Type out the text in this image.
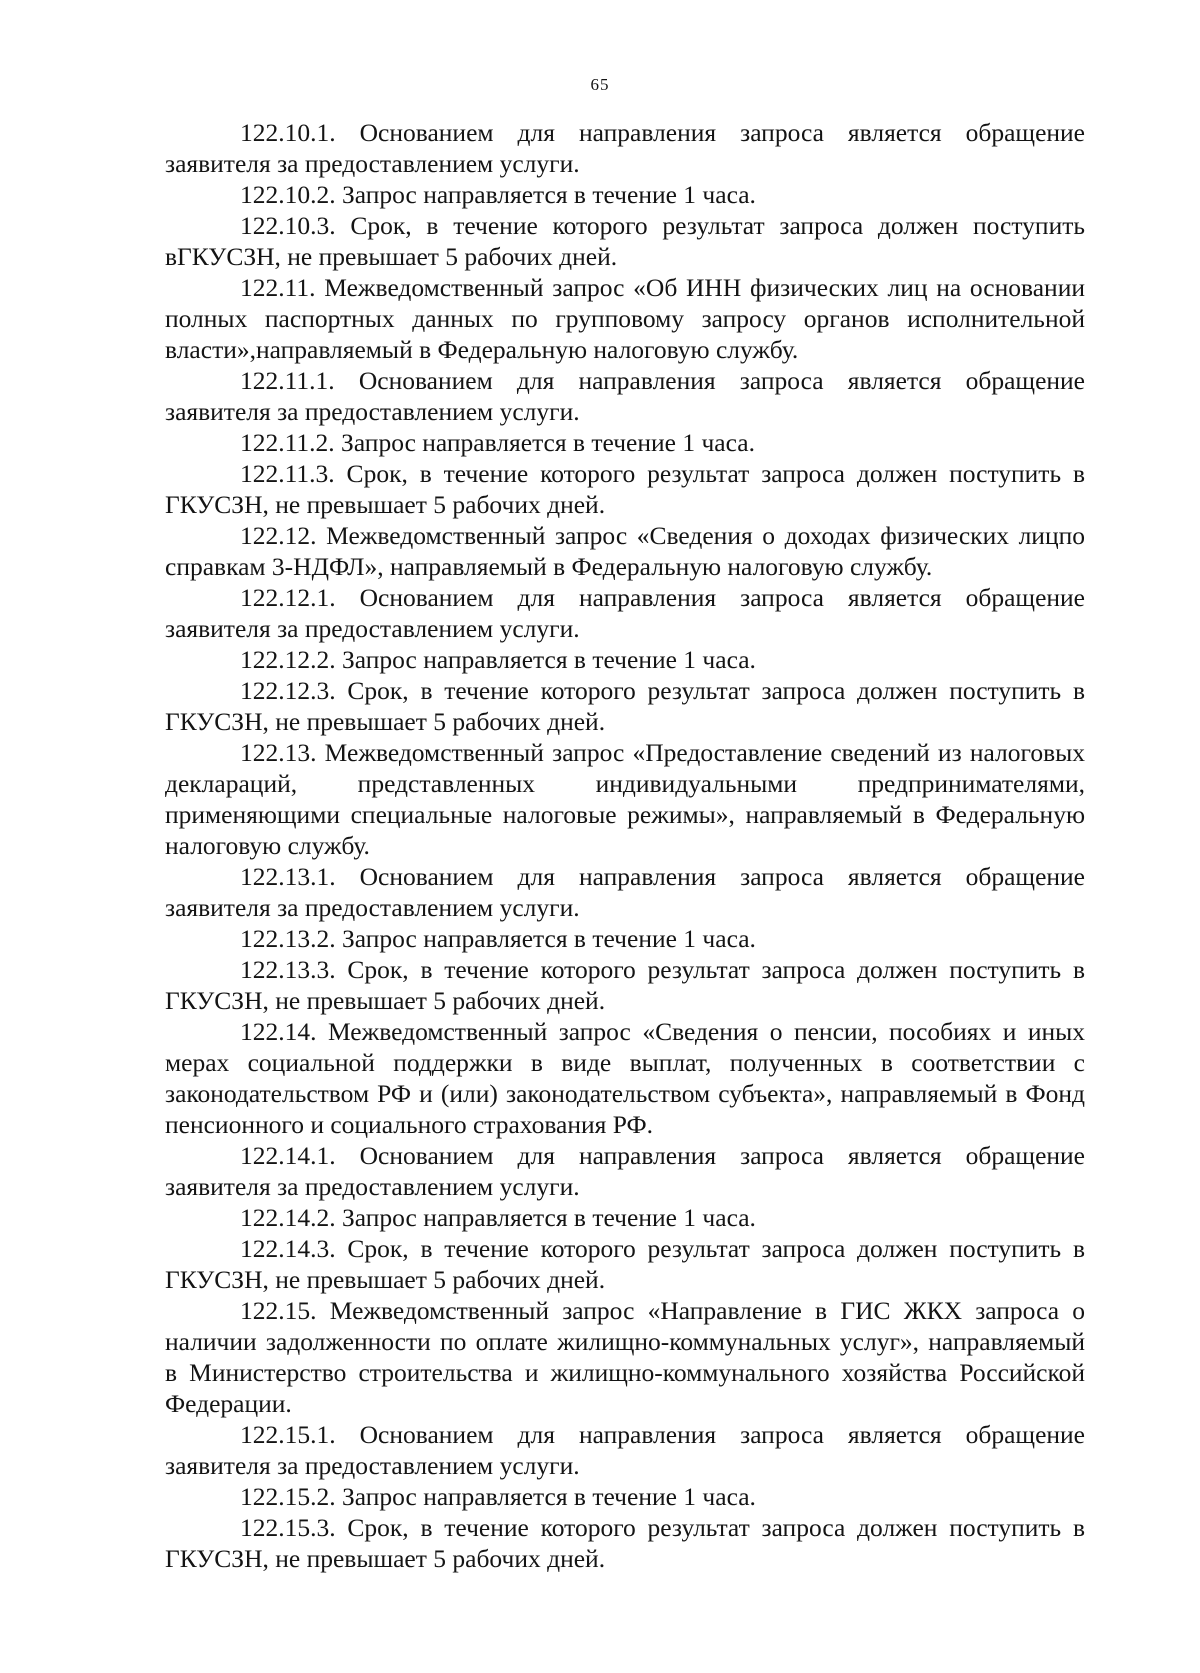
65

122.10.1. Основанием для направления запроса является обращение заявителя за предоставлением услуги.

122.10.2. Запрос направляется в течение 1 часа.

122.10.3. Срок, в течение которого результат запроса должен поступить вГКУСЗН, не превышает 5 рабочих дней.

122.11. Межведомственный запрос «Об ИНН физических лиц на основании полных паспортных данных по групповому запросу органов исполнительной власти»,направляемый в Федеральную налоговую службу.

122.11.1. Основанием для направления запроса является обращение заявителя за предоставлением услуги.

122.11.2. Запрос направляется в течение 1 часа.

122.11.3. Срок, в течение которого результат запроса должен поступить в ГКУСЗН, не превышает 5 рабочих дней.

122.12. Межведомственный запрос «Сведения о доходах физических лицпо справкам 3-НДФЛ», направляемый в Федеральную налоговую службу.

122.12.1. Основанием для направления запроса является обращение заявителя за предоставлением услуги.

122.12.2. Запрос направляется в течение 1 часа.

122.12.3. Срок, в течение которого результат запроса должен поступить в ГКУСЗН, не превышает 5 рабочих дней.

122.13. Межведомственный запрос «Предоставление сведений из налоговых деклараций, представленных индивидуальными предпринимателями, применяющими специальные налоговые режимы», направляемый в Федеральную налоговую службу.

122.13.1. Основанием для направления запроса является обращение заявителя за предоставлением услуги.

122.13.2. Запрос направляется в течение 1 часа.

122.13.3. Срок, в течение которого результат запроса должен поступить в ГКУСЗН, не превышает 5 рабочих дней.

122.14. Межведомственный запрос «Сведения о пенсии, пособиях и иных мерах социальной поддержки в виде выплат, полученных в соответствии с законодательством РФ и (или) законодательством субъекта», направляемый в Фонд пенсионного и социального страхования РФ.

122.14.1. Основанием для направления запроса является обращение заявителя за предоставлением услуги.

122.14.2. Запрос направляется в течение 1 часа.

122.14.3. Срок, в течение которого результат запроса должен поступить в ГКУСЗН, не превышает 5 рабочих дней.

122.15. Межведомственный запрос «Направление в ГИС ЖКХ запроса о наличии задолженности по оплате жилищно-коммунальных услуг», направляемый в Министерство строительства и жилищно-коммунального хозяйства Российской Федерации.

122.15.1. Основанием для направления запроса является обращение заявителя за предоставлением услуги.

122.15.2. Запрос направляется в течение 1 часа.

122.15.3. Срок, в течение которого результат запроса должен поступить в ГКУСЗН, не превышает 5 рабочих дней.
